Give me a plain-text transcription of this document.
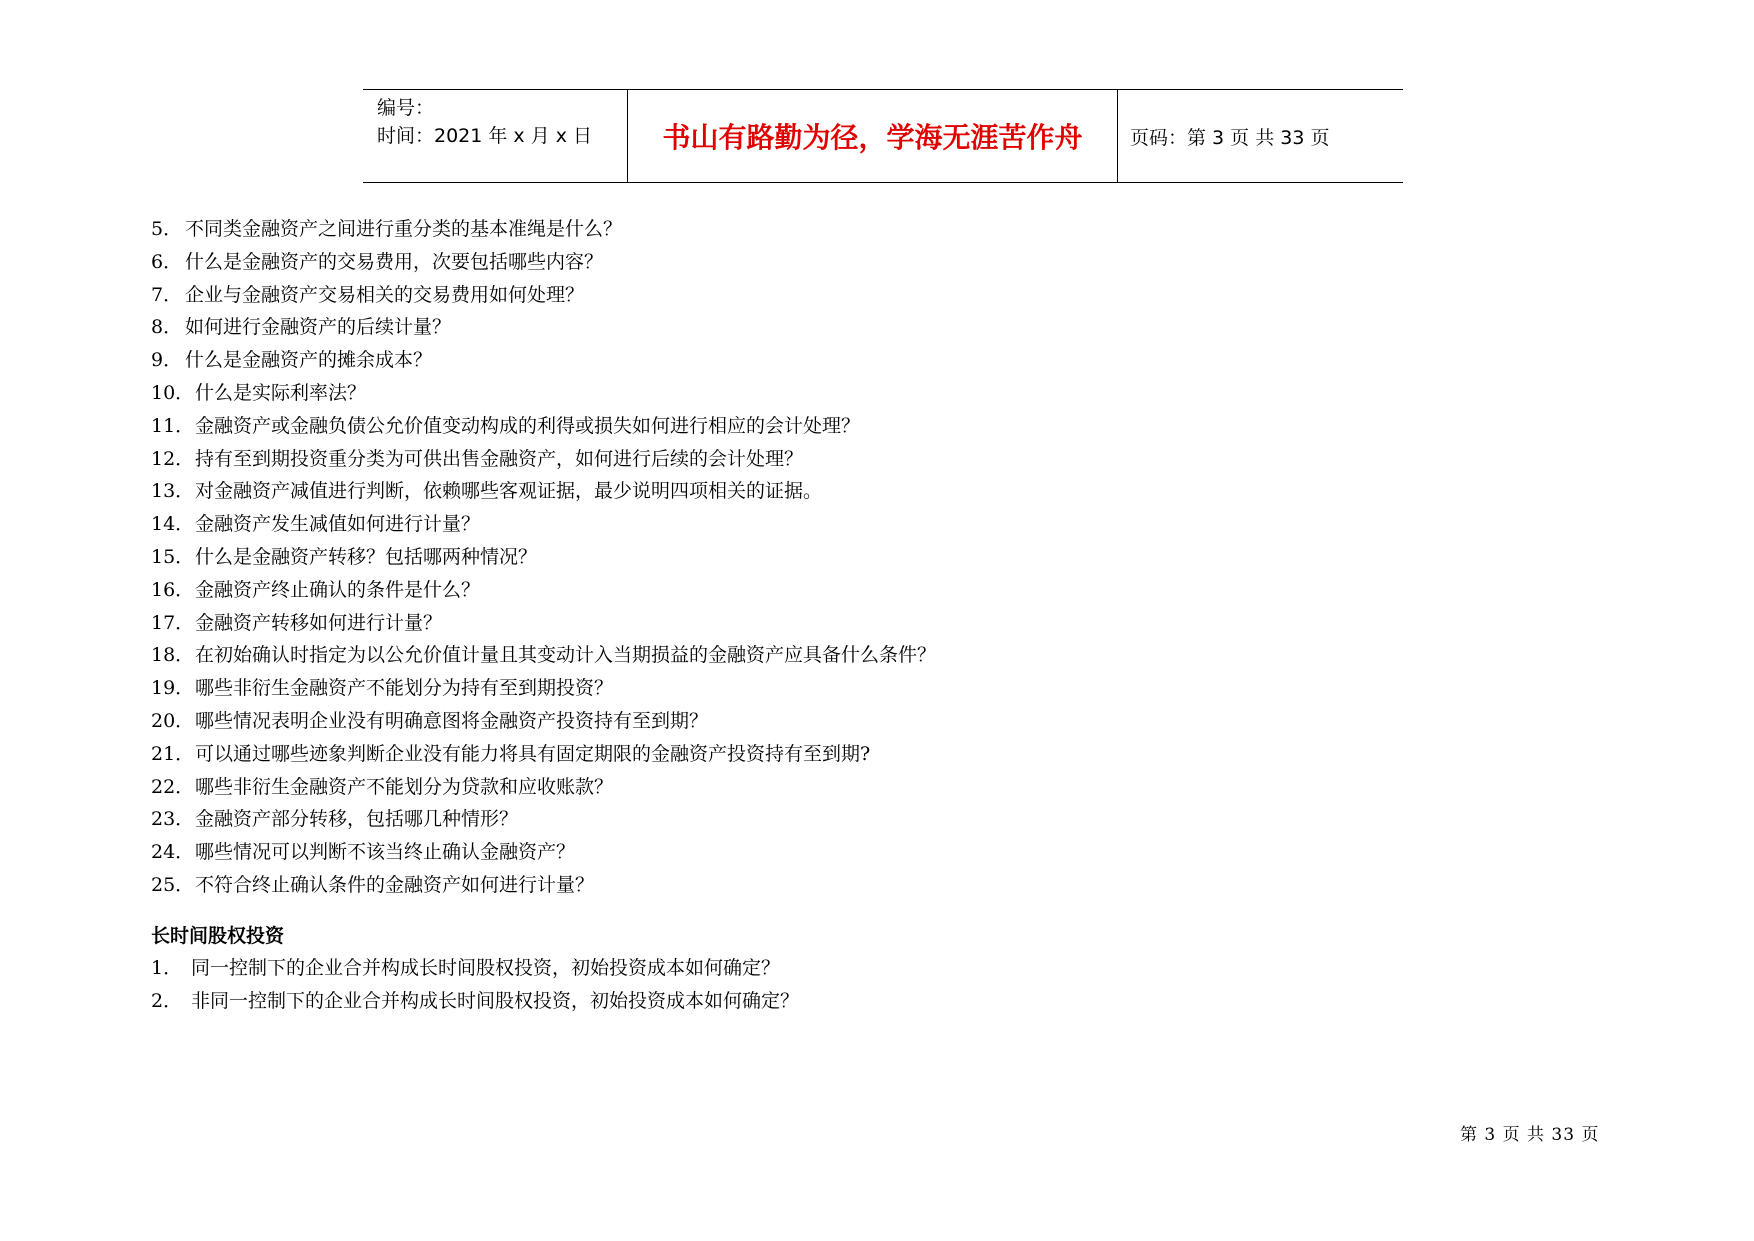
编号：
时间：2021 年 x 月 x 日	书山有路勤为径，学海无涯苦作舟	页码：第 3 页 共 33 页
5． 不同类金融资产之间进行重分类的基本准绳是什么？
6． 什么是金融资产的交易费用，次要包括哪些内容？
7． 企业与金融资产交易相关的交易费用如何处理？
8． 如何进行金融资产的后续计量？
9． 什么是金融资产的摊余成本？
10．什么是实际利率法？
11．金融资产或金融负债公允价值变动构成的利得或损失如何进行相应的会计处理？
12．持有至到期投资重分类为可供出售金融资产，如何进行后续的会计处理？
13．对金融资产减值进行判断，依赖哪些客观证据，最少说明四项相关的证据。
14．金融资产发生减值如何进行计量？
15．什么是金融资产转移？包括哪两种情况？
16．金融资产终止确认的条件是什么？
17．金融资产转移如何进行计量？
18．在初始确认时指定为以公允价值计量且其变动计入当期损益的金融资产应具备什么条件？
19．哪些非衍生金融资产不能划分为持有至到期投资？
20．哪些情况表明企业没有明确意图将金融资产投资持有至到期？
21．可以通过哪些迹象判断企业没有能力将具有固定期限的金融资产投资持有至到期?
22．哪些非衍生金融资产不能划分为贷款和应收账款？
23．金融资产部分转移，包括哪几种情形？
24．哪些情况可以判断不该当终止确认金融资产？
25．不符合终止确认条件的金融资产如何进行计量？
长时间股权投资
1． 同一控制下的企业合并构成长时间股权投资，初始投资成本如何确定？
2． 非同一控制下的企业合并构成长时间股权投资，初始投资成本如何确定？
第 3 页 共 33 页
